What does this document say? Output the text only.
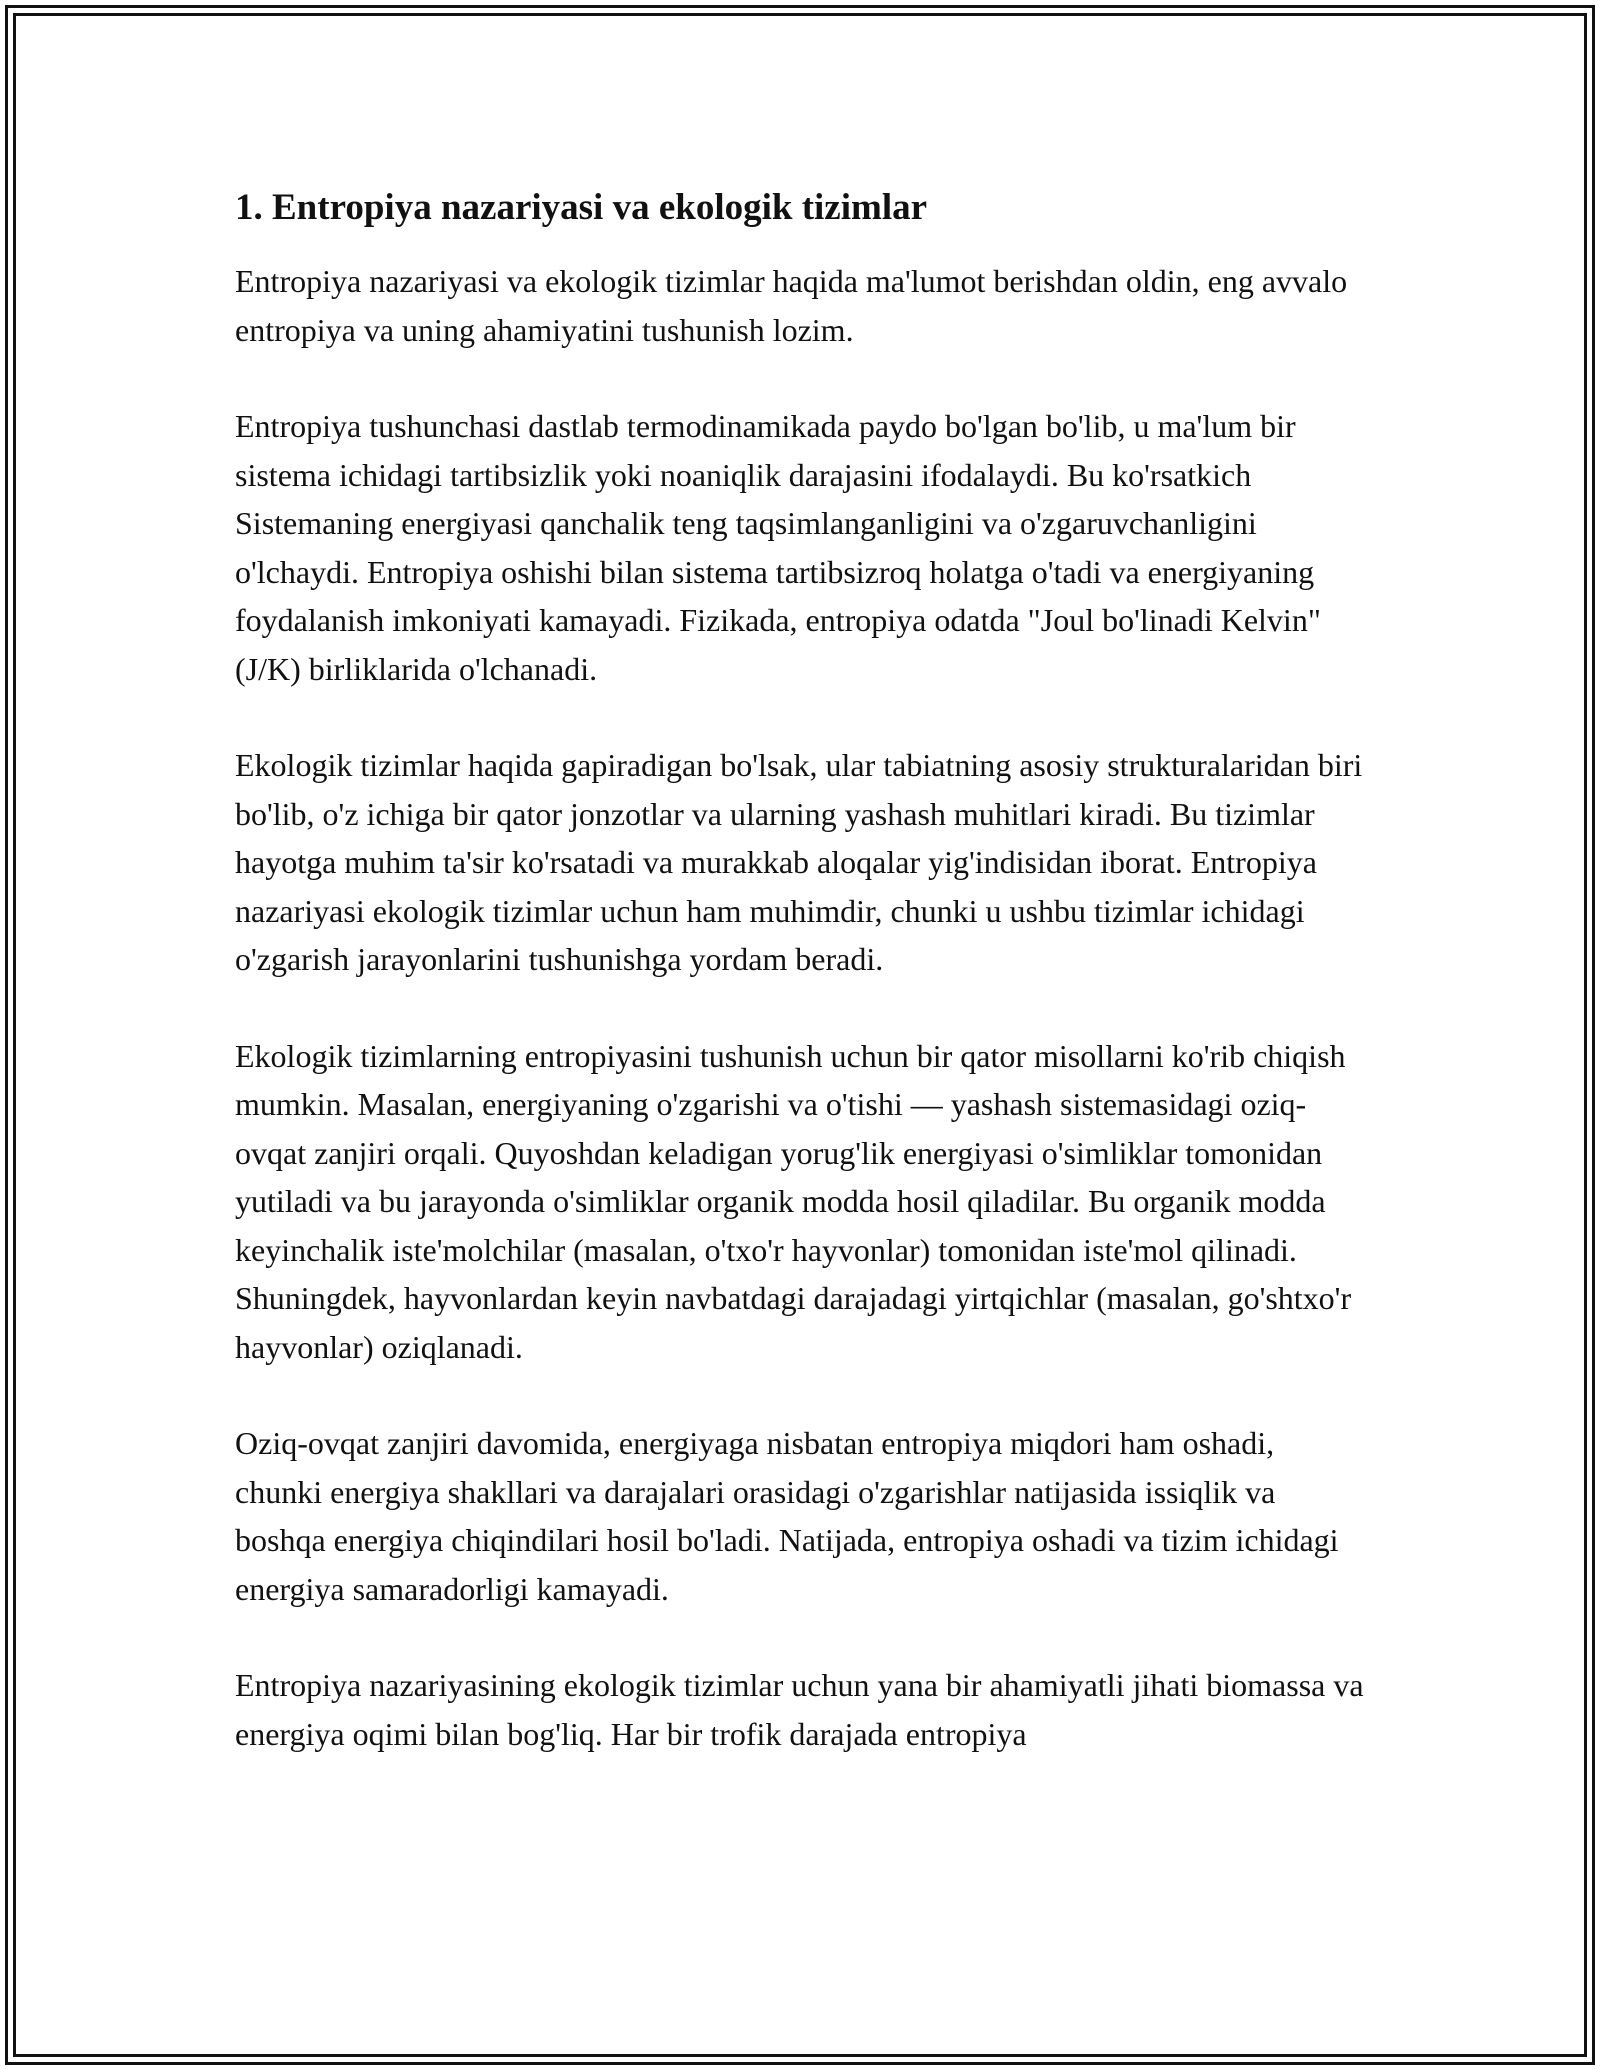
1. Entropiya nazariyasi va ekologik tizimlar

Entropiya nazariyasi va ekologik tizimlar haqida ma'lumot berishdan oldin, eng avvalo entropiya va uning ahamiyatini tushunish lozim.

Entropiya tushunchasi dastlab termodinamikada paydo bo'lgan bo'lib, u ma'lum bir sistema ichidagi tartibsizlik yoki noaniqlik darajasini ifodalaydi. Bu ko'rsatkich Sistemaning energiyasi qanchalik teng taqsimlanganligini va o'zgaruvchanligini o'lchaydi. Entropiya oshishi bilan sistema tartibsizroq holatga o'tadi va energiyaning foydalanish imkoniyati kamayadi. Fizikada, entropiya odatda "Joul bo'linadi Kelvin" (J/K) birliklarida o'lchanadi.

Ekologik tizimlar haqida gapiradigan bo'lsak, ular tabiatning asosiy strukturalaridan biri bo'lib, o'z ichiga bir qator jonzotlar va ularning yashash muhitlari kiradi. Bu tizimlar hayotga muhim ta'sir ko'rsatadi va murakkab aloqalar yig'indisidan iborat. Entropiya nazariyasi ekologik tizimlar uchun ham muhimdir, chunki u ushbu tizimlar ichidagi o'zgarish jarayonlarini tushunishga yordam beradi.

Ekologik tizimlarning entropiyasini tushunish uchun bir qator misollarni ko'rib chiqish mumkin. Masalan, energiyaning o'zgarishi va o'tishi — yashash sistemasidagi oziq-ovqat zanjiri orqali. Quyoshdan keladigan yorug'lik energiyasi o'simliklar tomonidan yutiladi va bu jarayonda o'simliklar organik modda hosil qiladilar. Bu organik modda keyinchalik iste'molchilar (masalan, o'txo'r hayvonlar) tomonidan iste'mol qilinadi. Shuningdek, hayvonlardan keyin navbatdagi darajadagi yirtqichlar (masalan, go'shtxo'r hayvonlar) oziqlanadi.

Oziq-ovqat zanjiri davomida, energiyaga nisbatan entropiya miqdori ham oshadi, chunki energiya shakllari va darajalari orasidagi o'zgarishlar natijasida issiqlik va boshqa energiya chiqindilari hosil bo'ladi. Natijada, entropiya oshadi va tizim ichidagi energiya samaradorligi kamayadi.

Entropiya nazariyasining ekologik tizimlar uchun yana bir ahamiyatli jihati biomassa va energiya oqimi bilan bog'liq. Har bir trofik darajada entropiya
